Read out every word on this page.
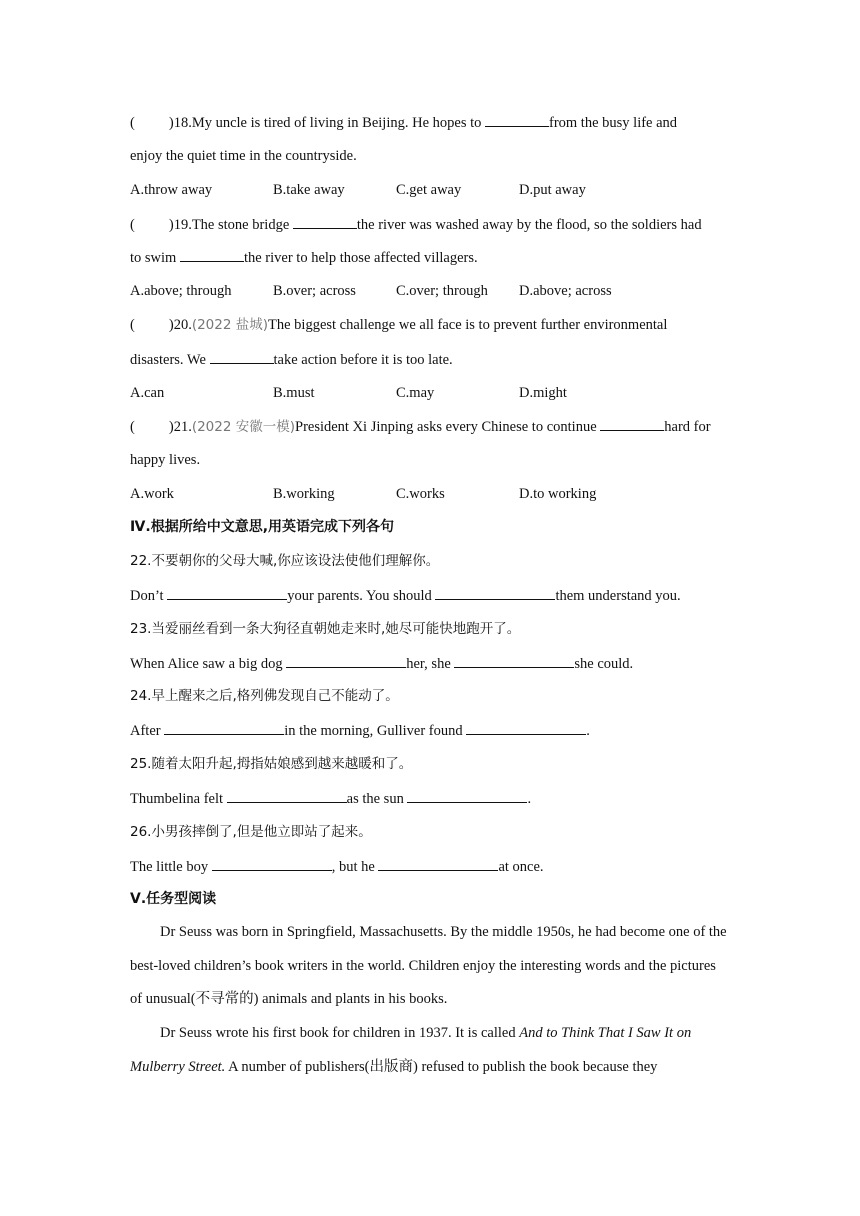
( )18.My uncle is tired of living in Beijing. He hopes to	from the busy life and
enjoy the quiet time in the countryside.
A.throw away	B.take away	C.get away	D.put away
( )19.The stone bridge	the river was washed away by the flood, so the soldiers had
to swim	the river to help those affected villagers.
A.above; through	B.over; across	C.over; through D.above; across
( )20.(2022 盐城)The biggest challenge we all face is to prevent further environmental
disasters. We	take action before it is too late.
A.can	B.must	C.may	D.might
( )21.(2022 安徽一模)President Xi Jinping asks every Chinese to continue	hard for
happy lives.
A.work	B.working	C.works	D.to working
Ⅳ.根据所给中文意思,用英语完成下列各句
22.不要朝你的父母大喊,你应该设法使他们理解你。
Don’t	your parents. You should	them understand you.
23.当爱丽丝看到一条大狗径直朝她走来时,她尽可能快地跑开了。
When Alice saw a big dog	her, she	she could.
24.早上醒来之后,格列佛发现自己不能动了。
After	in the morning, Gulliver found	.
25.随着太阳升起,拇指姑娘感到越来越暖和了。
Thumbelina felt	as the sun	.
26.小男孩摔倒了,但是他立即站了起来。
The little boy	, but he	at once.
Ⅴ.任务型阅读
Dr Seuss was born in Springfield, Massachusetts. By the middle 1950s, he had become one of the best-loved children’s book writers in the world. Children enjoy the interesting words and the pictures of unusual(不寻常的) animals and plants in his books.
Dr Seuss wrote his first book for children in 1937. It is called And to Think That I Saw It on Mulberry Street. A number of publishers(出版商) refused to publish the book because they
